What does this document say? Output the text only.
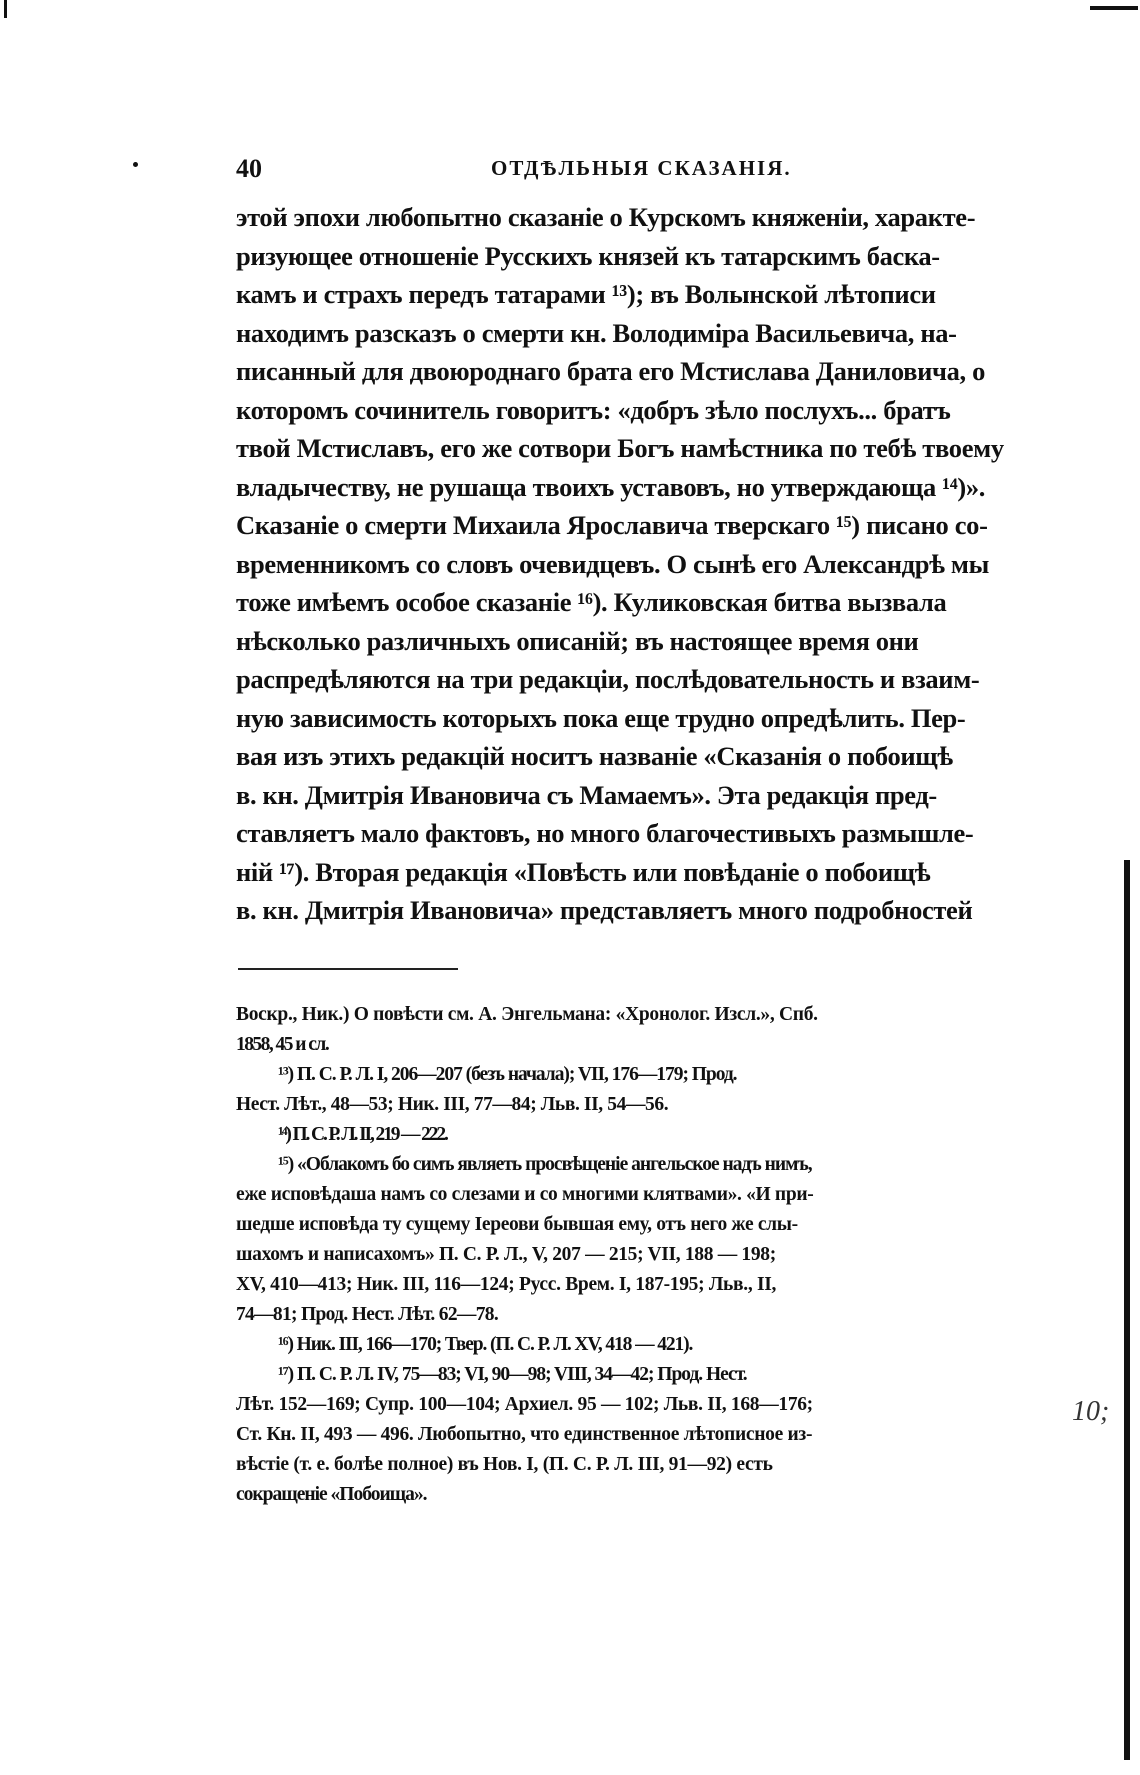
10;
40	ОТДѢЛЬНЫЯ СКАЗАНІЯ.
этой эпохи любопытно сказаніе о Курскомъ княженіи, характе-
ризующее отношеніе Русскихъ князей къ татарскимъ баска-
камъ и страхъ передъ татарами ¹³); въ Волынской лѣтописи
находимъ разсказъ о смерти кн. Володиміра Васильевича, на-
писанный для двоюроднаго брата его Мстислава Даниловича, о
которомъ сочинитель говоритъ: «добръ зѣло послухъ... братъ
твой Мстиславъ, его же сотвори Богъ намѣстника по тебѣ твоему
владычеству, не рушаща твоихъ уставовъ, но утверждающа ¹⁴)».
Сказаніе о смерти Михаила Ярославича тверскаго ¹⁵) писано со-
временникомъ со словъ очевидцевъ. О сынѣ его Александрѣ мы
тоже имѣемъ особое сказаніе ¹⁶). Куликовская битва вызвала
нѣсколько различныхъ описаній; въ настоящее время они
распредѣляются на три редакціи, послѣдовательность и взаим-
ную зависимость которыхъ пока еще трудно опредѣлить. Пер-
вая изъ этихъ редакцій носитъ названіе «Сказанія о побоищѣ
в. кн. Дмитрія Ивановича съ Мамаемъ». Эта редакція пред-
ставляетъ мало фактовъ, но много благочестивыхъ размышле-
ній ¹⁷). Вторая редакція «Повѣсть или повѣданіе о побоищѣ
в. кн. Дмитрія Ивановича» представляетъ много подробностей
Воскр., Ник.) О повѣсти см. А. Энгельмана: «Хронолог. Изсл.», Спб.
1858, 45 и сл.
¹³) П. С. Р. Л. I, 206—207 (безъ начала); VII, 176—179; Прод.
Нест. Лѣт., 48—53; Ник. III, 77—84; Льв. II, 54—56.
¹⁴) П. С. Р. Л. II, 219 — 222.
¹⁵) «Облакомъ бо симъ являеть просвѣщеніе ангельское надъ нимъ,
еже исповѣдаша намъ со слезами и со многими клятвами». «И при-
шедше исповѣда ту сущему Іереови бывшая ему, отъ него же слы-
шахомъ и написахомъ» П. С. Р. Л., V, 207 — 215; VII, 188 — 198;
XV, 410—413; Ник. III, 116—124; Русс. Врем. I, 187-195; Льв., II,
74—81; Прод. Нест. Лѣт. 62—78.
¹⁶) Ник. III, 166—170; Твер. (П. С. Р. Л. XV, 418 — 421).
¹⁷) П. С. Р. Л. IV, 75—83; VI, 90—98; VIII, 34—42; Прод. Нест.
Лѣт. 152—169; Супр. 100—104; Архиел. 95 — 102; Льв. II, 168—176;
Ст. Кн. II, 493 — 496. Любопытно, что единственное лѣтописное из-
вѣстіе (т. е. болѣе полное) въ Нов. I, (П. С. Р. Л. III, 91—92) есть
сокращеніе «Побоища».
